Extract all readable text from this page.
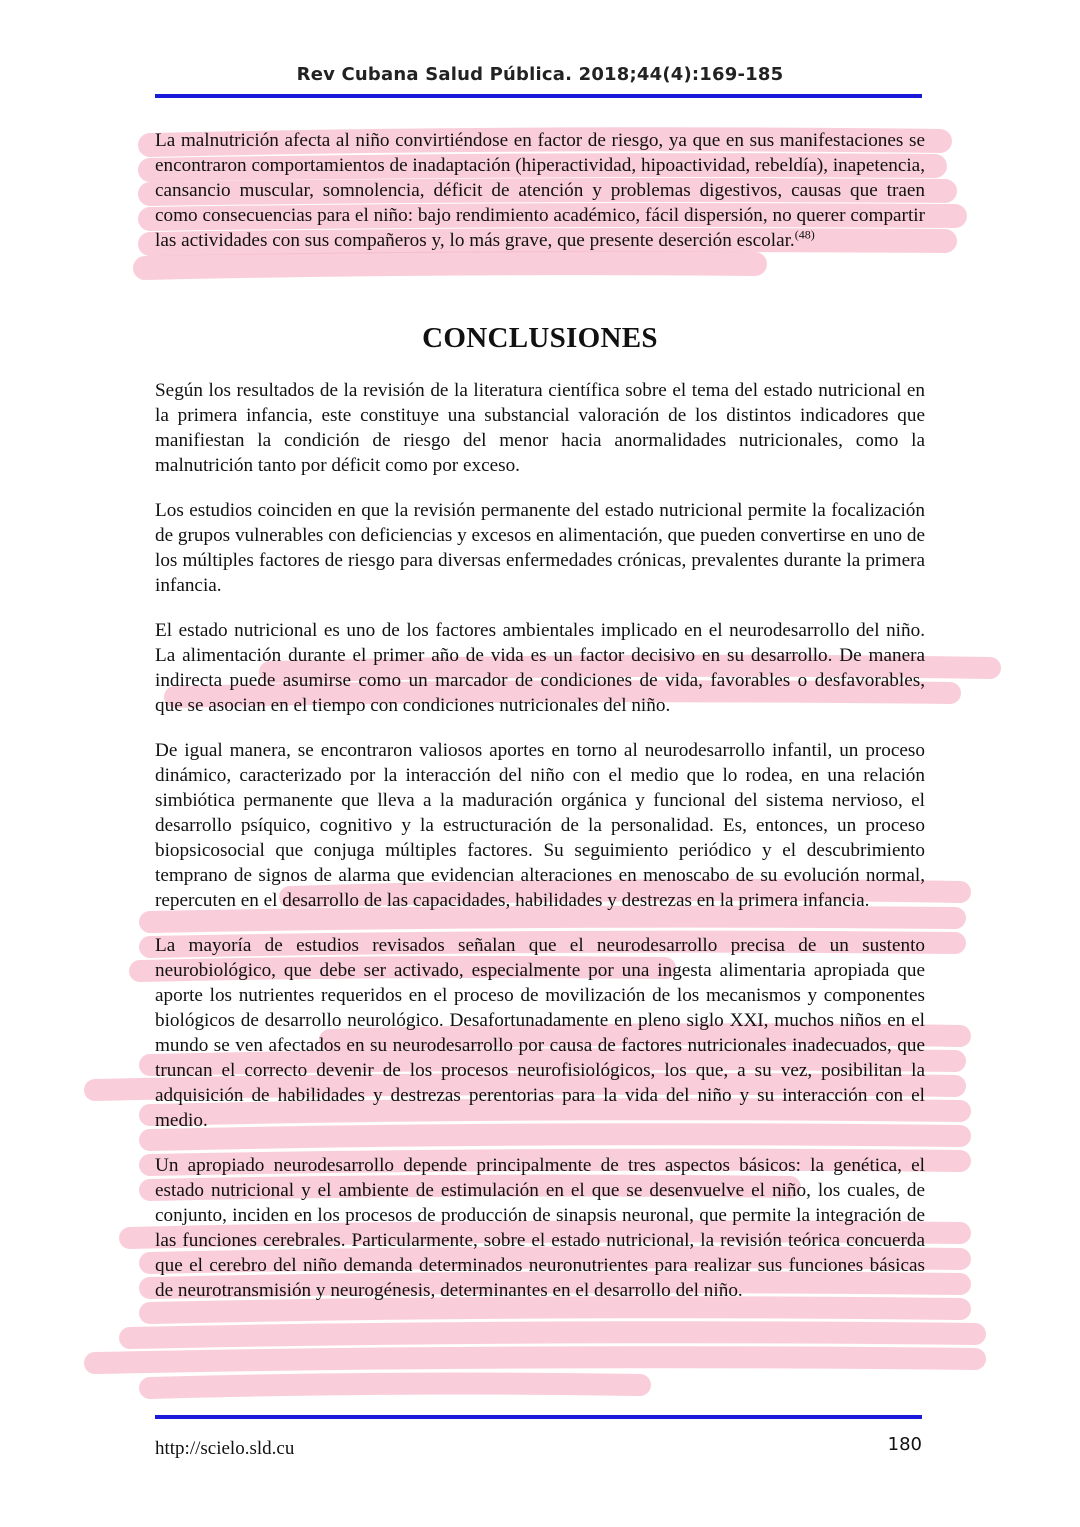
Rev Cubana Salud Pública. 2018;44(4):169-185

La malnutrición afecta al niño convirtiéndose en factor de riesgo, ya que en sus manifestaciones se encontraron comportamientos de inadaptación (hiperactividad, hipoactividad, rebeldía), inapetencia, cansancio muscular, somnolencia, déficit de atención y problemas digestivos, causas que traen como consecuencias para el niño: bajo rendimiento académico, fácil dispersión, no querer compartir las actividades con sus compañeros y, lo más grave, que presente deserción escolar.$^{(48)}$

CONCLUSIONES

Según los resultados de la revisión de la literatura científica sobre el tema del estado nutricional en la primera infancia, este constituye una substancial valoración de los distintos indicadores que manifiestan la condición de riesgo del menor hacia anormalidades nutricionales, como la malnutrición tanto por déficit como por exceso.

Los estudios coinciden en que la revisión permanente del estado nutricional permite la focalización de grupos vulnerables con deficiencias y excesos en alimentación, que pueden convertirse en uno de los múltiples factores de riesgo para diversas enfermedades crónicas, prevalentes durante la primera infancia.

El estado nutricional es uno de los factores ambientales implicado en el neurodesarrollo del niño. La alimentación durante el primer año de vida es un factor decisivo en su desarrollo. De manera indirecta puede asumirse como un marcador de condiciones de vida, favorables o desfavorables, que se asocian en el tiempo con condiciones nutricionales del niño.

De igual manera, se encontraron valiosos aportes en torno al neurodesarrollo infantil, un proceso dinámico, caracterizado por la interacción del niño con el medio que lo rodea, en una relación simbiótica permanente que lleva a la maduración orgánica y funcional del sistema nervioso, el desarrollo psíquico, cognitivo y la estructuración de la personalidad. Es, entonces, un proceso biopsicosocial que conjuga múltiples factores. Su seguimiento periódico y el descubrimiento temprano de signos de alarma que evidencian alteraciones en menoscabo de su evolución normal, repercuten en el desarrollo de las capacidades, habilidades y destrezas en la primera infancia.

La mayoría de estudios revisados señalan que el neurodesarrollo precisa de un sustento neurobiológico, que debe ser activado, especialmente por una ingesta alimentaria apropiada que aporte los nutrientes requeridos en el proceso de movilización de los mecanismos y componentes biológicos de desarrollo neurológico. Desafortunadamente en pleno siglo XXI, muchos niños en el mundo se ven afectados en su neurodesarrollo por causa de factores nutricionales inadecuados, que truncan el correcto devenir de los procesos neurofisiológicos, los que, a su vez, posibilitan la adquisición de habilidades y destrezas perentorias para la vida del niño y su interacción con el medio.

Un apropiado neurodesarrollo depende principalmente de tres aspectos básicos: la genética, el estado nutricional y el ambiente de estimulación en el que se desenvuelve el niño, los cuales, de conjunto, inciden en los procesos de producción de sinapsis neuronal, que permite la integración de las funciones cerebrales. Particularmente, sobre el estado nutricional, la revisión teórica concuerda que el cerebro del niño demanda determinados neuronutrientes para realizar sus funciones básicas de neurotransmisión y neurogénesis, determinantes en el desarrollo del niño.

http://scielo.sld.cu	180
